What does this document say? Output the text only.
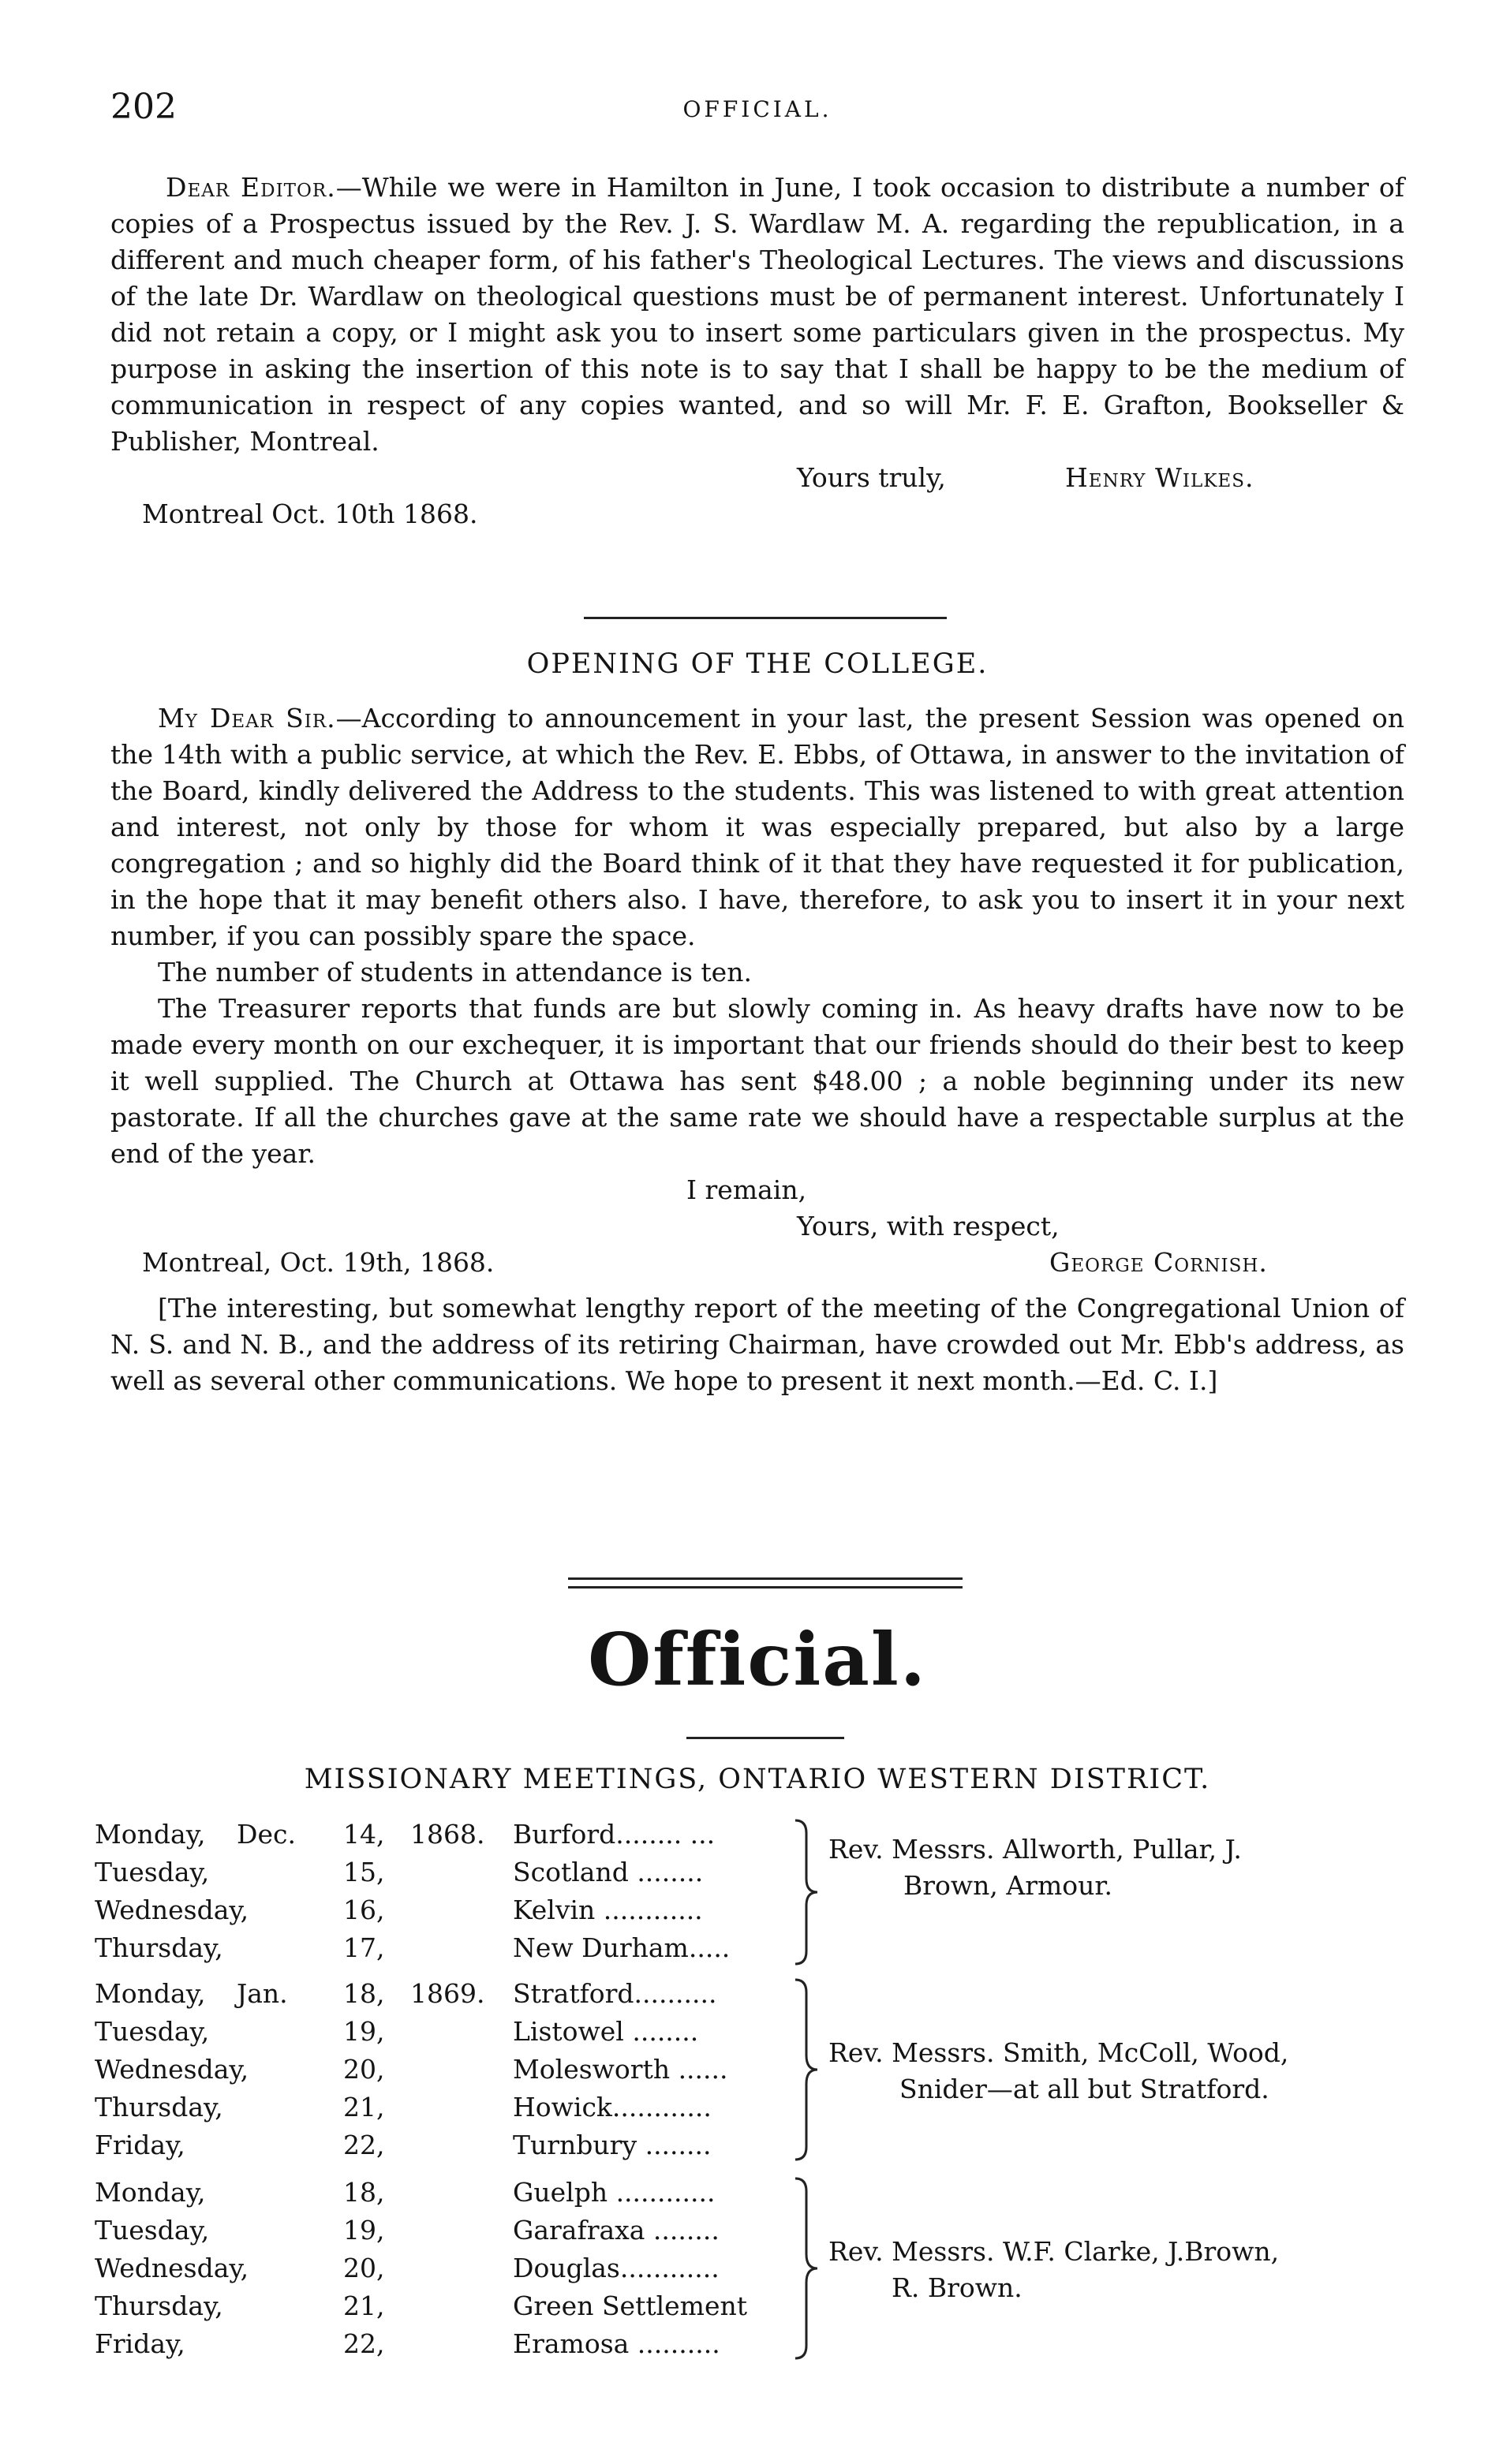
202	OFFICIAL.

Dear Editor.—While we were in Hamilton in June, I took occasion to distribute a number of copies of a Prospectus issued by the Rev. J. S. Wardlaw M. A. regarding the republication, in a different and much cheaper form, of his father's Theological Lectures. The views and discussions of the late Dr. Wardlaw on theological questions must be of permanent interest. Unfortunately I did not retain a copy, or I might ask you to insert some particulars given in the prospectus. My purpose in asking the insertion of this note is to say that I shall be happy to be the medium of communication in respect of any copies wanted, and so will Mr. F. E. Grafton, Bookseller & Publisher, Montreal.

Yours truly,	Henry Wilkes.
Montreal Oct. 10th 1868.
OPENING OF THE COLLEGE.

My Dear Sir.—According to announcement in your last, the present Session was opened on the 14th with a public service, at which the Rev. E. Ebbs, of Ottawa, in answer to the invitation of the Board, kindly delivered the Address to the students. This was listened to with great attention and interest, not only by those for whom it was especially prepared, but also by a large congregation ; and so highly did the Board think of it that they have requested it for publication, in the hope that it may benefit others also. I have, therefore, to ask you to insert it in your next number, if you can possibly spare the space.

The number of students in attendance is ten.

The Treasurer reports that funds are but slowly coming in. As heavy drafts have now to be made every month on our exchequer, it is important that our friends should do their best to keep it well supplied. The Church at Ottawa has sent $48.00 ; a noble beginning under its new pastorate. If all the churches gave at the same rate we should have a respectable surplus at the end of the year.

I remain,
Yours, with respect,
Montreal, Oct. 19th, 1868.	George Cornish.

[The interesting, but somewhat lengthy report of the meeting of the Congregational Union of N. S. and N. B., and the address of its retiring Chairman, have crowded out Mr. Ebb's address, as well as several other communications. We hope to present it next month.—Ed. C. I.]

Official.
MISSIONARY MEETINGS, ONTARIO WESTERN DISTRICT.
Monday, Dec. 14, 1868. Burford........ ...
Tuesday,	15,	Scotland ........
Wednesday,	16,	Kelvin ............
Thursday,	17,	New Durham.....
Rev. Messrs. Allworth, Pullar, J.
Brown, Armour.
Monday, Jan. 18, 1869. Stratford..........
Tuesday,	19,	Listowel ........
Wednesday,	20,	Molesworth ......
Thursday,	21,	Howick............
Friday,	22,	Turnbury ........
Rev. Messrs. Smith, McColl, Wood,
Snider—at all but Stratford.
Monday,	18,	Guelph ............
Tuesday,	19,	Garafraxa ........
Wednesday,	20,	Douglas............
Thursday,	21,	Green Settlement
Friday,	22,	Eramosa ..........
Rev. Messrs. W.F. Clarke, J.Brown,
R. Brown.
